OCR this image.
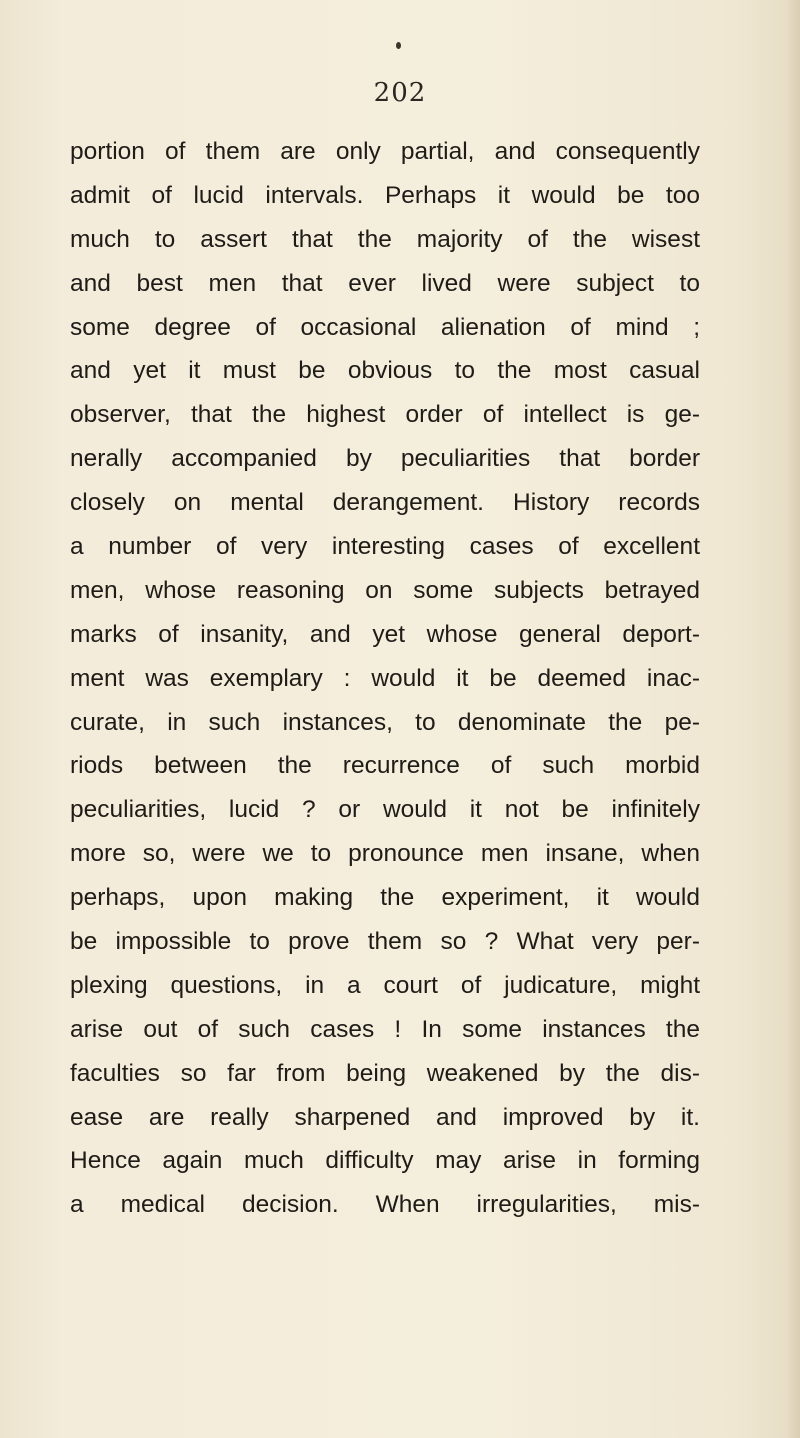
202
portion of them are only partial, and consequently
admit of lucid intervals. Perhaps it would be too
much to assert that the majority of the wisest
and best men that ever lived were subject to
some degree of occasional alienation of mind ;
and yet it must be obvious to the most casual
observer, that the highest order of intellect is ge-
nerally accompanied by peculiarities that border
closely on mental derangement. History records
a number of very interesting cases of excellent
men, whose reasoning on some subjects betrayed
marks of insanity, and yet whose general deport-
ment was exemplary : would it be deemed inac-
curate, in such instances, to denominate the pe-
riods between the recurrence of such morbid
peculiarities, lucid ? or would it not be infinitely
more so, were we to pronounce men insane, when
perhaps, upon making the experiment, it would
be impossible to prove them so ? What very per-
plexing questions, in a court of judicature, might
arise out of such cases ! In some instances the
faculties so far from being weakened by the dis-
ease are really sharpened and improved by it.
Hence again much difficulty may arise in forming
a medical decision. When irregularities, mis-
